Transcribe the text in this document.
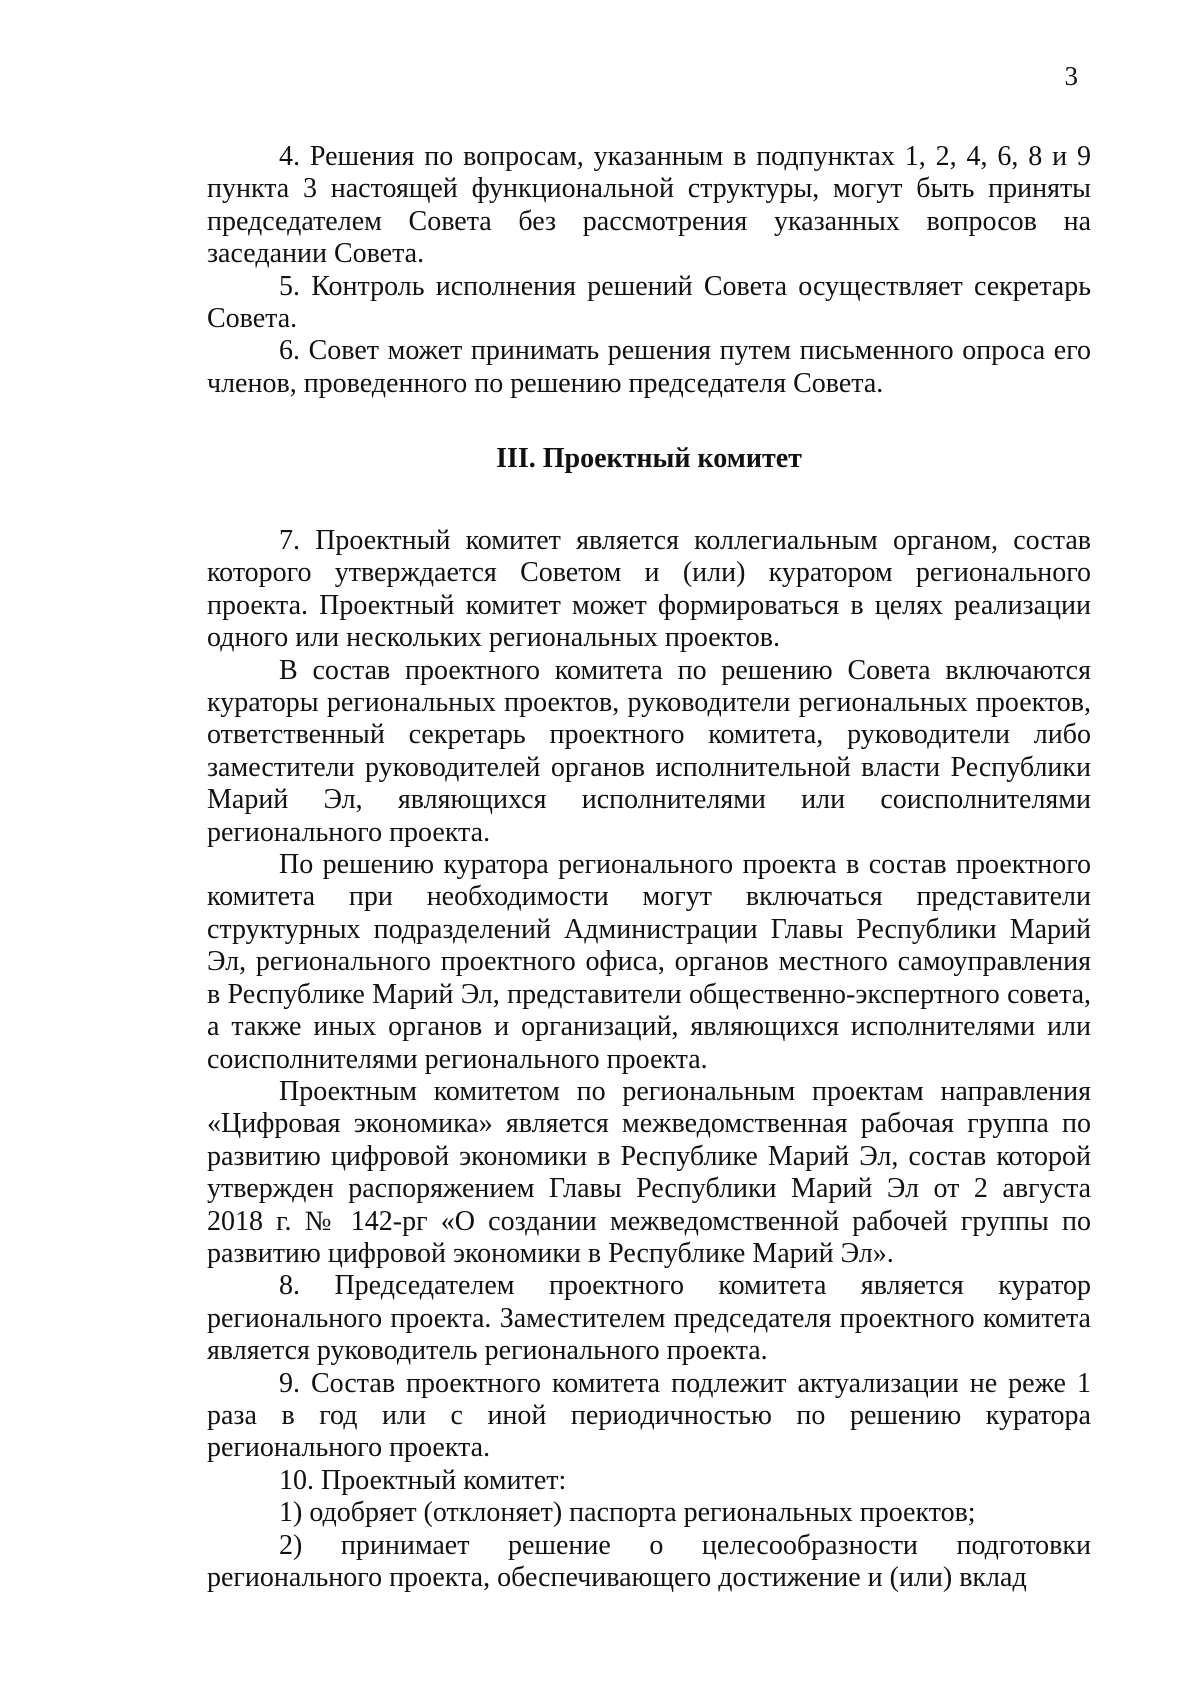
3

4. Решения по вопросам, указанным в подпунктах 1, 2, 4, 6, 8 и 9 пункта 3 настоящей функциональной структуры, могут быть приняты председателем Совета без рассмотрения указанных вопросов на заседании Совета.

5. Контроль исполнения решений Совета осуществляет секретарь Совета.

6. Совет может принимать решения путем письменного опроса его членов, проведенного по решению председателя Совета.

III. Проектный комитет

7. Проектный комитет является коллегиальным органом, состав которого утверждается Советом и (или) куратором регионального проекта. Проектный комитет может формироваться в целях реализации одного или нескольких региональных проектов.

В состав проектного комитета по решению Совета включаются кураторы региональных проектов, руководители региональных проектов, ответственный секретарь проектного комитета, руководители либо заместители руководителей органов исполнительной власти Республики Марий Эл, являющихся исполнителями или соисполнителями регионального проекта.

По решению куратора регионального проекта в состав проектного комитета при необходимости могут включаться представители структурных подразделений Администрации Главы Республики Марий Эл, регионального проектного офиса, органов местного самоуправления в Республике Марий Эл, представители общественно-экспертного совета, а также иных органов и организаций, являющихся исполнителями или соисполнителями регионального проекта.

Проектным комитетом по региональным проектам направления «Цифровая экономика» является межведомственная рабочая группа по развитию цифровой экономики в Республике Марий Эл, состав которой утвержден распоряжением Главы Республики Марий Эл от 2 августа 2018 г. № 142-рг «О создании межведомственной рабочей группы по развитию цифровой экономики в Республике Марий Эл».

8. Председателем проектного комитета является куратор регионального проекта. Заместителем председателя проектного комитета является руководитель регионального проекта.

9. Состав проектного комитета подлежит актуализации не реже 1 раза в год или с иной периодичностью по решению куратора регионального проекта.

10. Проектный комитет:

1) одобряет (отклоняет) паспорта региональных проектов;

2) принимает решение о целесообразности подготовки регионального проекта, обеспечивающего достижение и (или) вклад
